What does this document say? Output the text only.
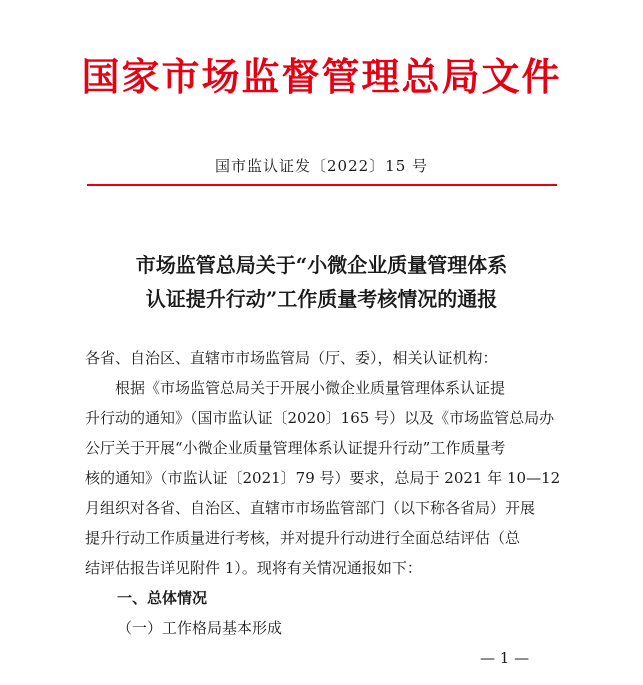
国家市场监督管理总局文件
国市监认证发〔2022〕15 号
市场监管总局关于“小微企业质量管理体系
认证提升行动”工作质量考核情况的通报
各省、自治区、直辖市市场监管局（厅、委），相关认证机构：
　　根据《市场监管总局关于开展小微企业质量管理体系认证提
升行动的通知》（国市监认证〔2020〕165 号）以及《市场监管总局办
公厅关于开展“小微企业质量管理体系认证提升行动”工作质量考
核的通知》（市监认证〔2021〕79 号）要求，总局于 2021 年 10—12
月组织对各省、自治区、直辖市市场监管部门（以下称各省局）开展
提升行动工作质量进行考核，并对提升行动进行全面总结评估（总
结评估报告详见附件 1）。现将有关情况通报如下：
一、总体情况
（一）工作格局基本形成
— 1 —
